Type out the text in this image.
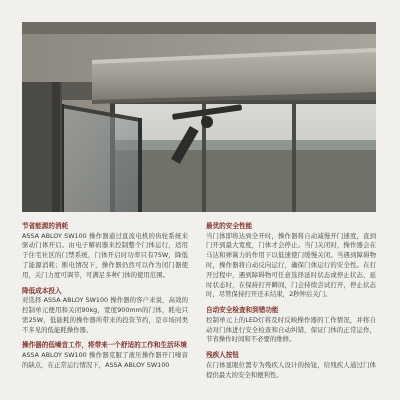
节省能源的消耗

ASSA ABLOY SW100 操作器通过直流电机的齿轮系统来驱动门体开启。由电子解码器来控制整个门体运行，适用于住宅社区的门禁系统，门体开启时功率只有75W，降低了能源消耗；断电情况下，操作器仍然可以作为闭门器使用，关门力度可调节，可满足多种门体的使用范围。

降低成本投入

对选择 ASSA ABLOY SW100 操作器的客户来说，高效的控制单元便用和关闭90kg，宽度900mm的门体，耗电只需25W，低能耗的操作器所带来的投资节约，是市场同类不多见的低能耗操作器。

操作器的低噪音工作，将带来一个舒适的工作和生活环境

ASSA ABLOY SW100 操作器克服了液压操作器开门噪音的缺点，在正常运行情况下，ASSA ABLOY SW100

最优的安全性能

当门体即将达到全开时，操作器将自动减慢开门速度，直到门开到最大宽度，门体才会停止。当门关闭时，操作器会在马达和弹簧力的作用下以低速使门缓慢关闭。当遇到障碍物时，操作器将自动反向运行，确保门体运行的安全性。在打开过程中，遇到障碍物可任意选择延时状态或停止状态，延时状态时，在保持打开瞬间，门会持续尝试打开，停止状态时，尽管保持打开还未结束，2秒钟后关门。

自动安全检查和到错功能

控制单元上的LED灯将及时反映操作器的工作情况，并将自动对门体进行安全检查和自动纠错，保证门体的正常运作，节省操作时间和不必要的维修。

残疾人按钮

在门体显眼位置专为残疾人设计的按钮，给残疾人通过门体提供最大的安全和便利性。
